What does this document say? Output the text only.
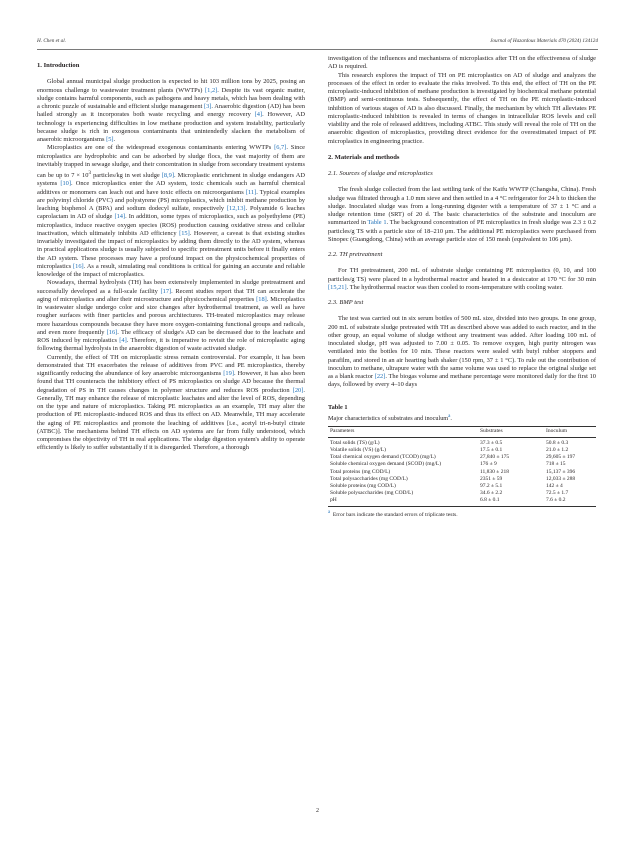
H. Chen et al.	Journal of Hazardous Materials 470 (2024) 134124
1. Introduction

Global annual municipal sludge production is expected to hit 103 million tons by 2025, posing an enormous challenge to wastewater treatment plants (WWTPs) [1,2]. Despite its vast organic matter, sludge contains harmful components, such as pathogens and heavy metals, which has been dealing with a chronic puzzle of sustainable and efficient sludge management [3]. Anaerobic digestion (AD) has been hailed strongly as it incorporates both waste recycling and energy recovery [4]. However, AD technology is experiencing difficulties in low methane production and system instability, particularly because sludge is rich in exogenous contaminants that unintendedly slacken the metabolism of anaerobic microorganisms [5].

Microplastics are one of the widespread exogenous contaminants entering WWTPs [6,7]. Since microplastics are hydrophobic and can be adsorbed by sludge flocs, the vast majority of them are inevitably trapped in sewage sludge, and their concentration in sludge from secondary treatment systems can be up to $7 \times 10^3$ particles/kg in wet sludge [8,9]. Microplastic enrichment in sludge endangers AD systems [10]. Once microplastics enter the AD system, toxic chemicals such as harmful chemical additives or monomers can leach out and have toxic effects on microorganisms [11]. Typical examples are polyvinyl chloride (PVC) and polystyrene (PS) microplastics, which inhibit methane production by leaching bisphenol A (BPA) and sodium dodecyl sulfate, respectively [12,13]. Polyamide 6 leaches caprolactam in AD of sludge [14]. In addition, some types of microplastics, such as polyethylene (PE) microplastics, induce reactive oxygen species (ROS) production causing oxidative stress and cellular inactivation, which ultimately inhibits AD efficiency [15]. However, a caveat is that existing studies invariably investigated the impact of microplastics by adding them directly to the AD system, whereas in practical applications sludge is usually subjected to specific pretreatment units before it finally enters the AD system. These processes may have a profound impact on the physicochemical properties of microplastics [16]. As a result, simulating real conditions is critical for gaining an accurate and reliable knowledge of the impact of microplastics.

Nowadays, thermal hydrolysis (TH) has been extensively implemented in sludge pretreatment and successfully developed as a full-scale facility [17]. Recent studies report that TH can accelerate the aging of microplastics and alter their microstructure and physicochemical properties [18]. Microplastics in wastewater sludge undergo color and size changes after hydrothermal treatment, as well as have rougher surfaces with finer particles and porous architectures. TH-treated microplastics may release more hazardous compounds because they have more oxygen-containing functional groups and radicals, and even more frequently [16]. The efficacy of sludge's AD can be decreased due to the leachate and ROS induced by microplastics [4]. Therefore, it is imperative to revisit the role of microplastic aging following thermal hydrolysis in the anaerobic digestion of waste activated sludge.

Currently, the effect of TH on microplastic stress remain controversial. For example, it has been demonstrated that TH exacerbates the release of additives from PVC and PE microplastics, thereby significantly reducing the abundance of key anaerobic microorganisms [19]. However, it has also been found that TH counteracts the inhibitory effect of PS microplastics on sludge AD because the thermal degradation of PS in TH causes changes in polymer structure and reduces ROS production [20]. Generally, TH may enhance the release of microplastic leachates and alter the level of ROS, depending on the type and nature of microplastics. Taking PE microplastics as an example, TH may alter the production of PE microplastic-induced ROS and thus its effect on AD. Meanwhile, TH may accelerate the aging of PE microplastics and promote the leaching of additives [i.e., acetyl tri-n-butyl citrate (ATBC)]. The mechanisms behind TH effects on AD systems are far from fully understood, which compromises the objectivity of TH in real applications. The sludge digestion system's ability to operate efficiently is likely to suffer substantially if it is disregarded. Therefore, a thorough

investigation of the influences and mechanisms of microplastics after TH on the effectiveness of sludge AD is required.

This research explores the impact of TH on PE microplastics on AD of sludge and analyzes the processes of the effect in order to evaluate the risks involved. To this end, the effect of TH on the PE microplastic-induced inhibition of methane production is investigated by biochemical methane potential (BMP) and semi-continuous tests. Subsequently, the effect of TH on the PE microplastic-induced inhibition of various stages of AD is also discussed. Finally, the mechanism by which TH alleviates PE microplastic-induced inhibition is revealed in terms of changes in intracellular ROS levels and cell viability and the role of released additives, including ATBC. This study will reveal the role of TH on the anaerobic digestion of microplastics, providing direct evidence for the overestimated impact of PE microplastics in engineering practice.

2. Materials and methods
2.1. Sources of sludge and microplastics

The fresh sludge collected from the last settling tank of the Kaifu WWTP (Changsha, China). Fresh sludge was filtrated through a 1.0 mm sieve and then settled in a 4 °C refrigerator for 24 h to thicken the sludge. Inoculated sludge was from a long-running digester with a temperature of 37 ± 1 °C and a sludge retention time (SRT) of 20 d. The basic characteristics of the substrate and inoculum are summarized in Table 1. The background concentration of PE microplastics in fresh sludge was 2.3 ± 0.2 particles/g TS with a particle size of 18–210 μm. The additional PE microplastics were purchased from Sinopec (Guangdong, China) with an average particle size of 150 mesh (equivalent to 106 μm).

2.2. TH pretreatment

For TH pretreatment, 200 mL of substrate sludge containing PE microplastics (0, 10, and 100 particles/g TS) were placed in a hydrothermal reactor and heated in a desiccator at 170 °C for 30 min [15,21]. The hydrothermal reactor was then cooled to room-temperature with cooling water.

2.3. BMP test

The test was carried out in six serum bottles of 500 mL size, divided into two groups. In one group, 200 mL of substrate sludge pretreated with TH as described above was added to each reactor, and in the other group, an equal volume of sludge without any treatment was added. After loading 100 mL of inoculated sludge, pH was adjusted to 7.00 ± 0.05. To remove oxygen, high purity nitrogen was ventilated into the bottles for 10 min. These reactors were sealed with butyl rubber stoppers and parafilm, and stored in an air hearting bath shaker (150 rpm, 37 ± 1 °C). To rule out the contribution of inoculum to methane, ultrapure water with the same volume was used to replace the original sludge set as a blank reactor [22]. The biogas volume and methane percentage were monitored daily for the first 10 days, followed by every 4–10 days

Table 1
Major characteristics of substrates and inoculum$^a$.
Parameters	Substrates	Inoculum
Total solids (TS) (g/L)	37.3 ± 0.5	50.8 ± 0.3
Volatile solids (VS) (g/L)	17.5 ± 0.1	21.0 ± 1.2
Total chemical oxygen demand (TCOD) (mg/L)	27,840 ± 175	29,605 ± 197
Soluble chemical oxygen demand (SCOD) (mg/L)	176 ± 9	718 ± 15
Total proteins (mg COD/L)	11,830 ± 218	15,137 ± 396
Total polysaccharides (mg COD/L)	2351 ± 59	12,033 ± 288
Soluble proteins (mg COD/L)	97.2 ± 5.1	142 ± 4
Soluble polysaccharides (mg COD/L)	34.6 ± 2.2	72.5 ± 1.7
pH	6.8 ± 0.1	7.6 ± 0.2
$^a$ Error bars indicate the standard errors of triplicate tests.
2
